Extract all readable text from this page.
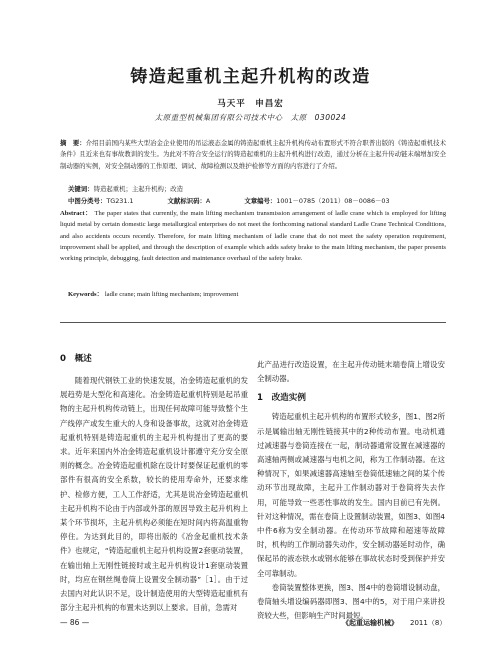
铸造起重机主起升机构的改造
马天平　申昌宏
太原重型机械集团有限公司技术中心　太原　030024
摘　要：介绍目前国内某些大型冶金企业使用的吊运液态金属的铸造起重机主起升机构传动布置形式不符合职普出版的《铸造起重机技术条件》且近来也有事故教训的发生。为此对不符合安全运行的铸造起重机的主起升机构进行改造，通过分析在主起升传动链末端增加安全制动器的实例，对安全制动器的工作原理、调试、故障检测以及维护检修等方面的内容进行了介绍。
关键词：铸造起重机；主起升机构；改造
中图分类号：TG231.1	文献标识码：A	文章编号：1001－0785（2011）08－0086－03
Abstract： The paper states that currently, the main lifting mechanism transmission arrangement of ladle crane which is employed for lifting liquid metal by certain domestic large metallurgical enterprises do not meet the forthcoming national standard Ladle Crane Technical Conditions, and also accidents occurs recently. Therefore, for main lifting mechanism of ladle crane that do not meet the safety operation requirement, improvement shall be applied, and through the description of example which adds safety brake to the main lifting mechanism, the paper presents working principle, debugging, fault detection and maintenance overhaul of the safety brake.
Keywords： ladle crane; main lifting mechanism; improvement
0　概述

随着现代钢铁工业的快速发展，冶金铸造起重机的发展趋势是大型化和高速化。冶金铸造起重机特别是起吊重物的主起升机构传动链上，出现任何故障可能导致整个生产线停产或发生重大的人身和设备事故，这就对冶金铸造起重机特别是铸造起重机的主起升机构提出了更高的要求。近年来国内外冶金铸造起重机设计都遵守充分安全原则的概念。冶金铸造起重机除在设计时要保证起重机的零部件有很高的安全系数，较长的使用寿命外，还要求维护、检修方便，工人工作舒适，尤其是说冶金铸造起重机主起升机构不论由于内部或外部的原因导致主起升机构上某个环节损坏，主起升机构必须能在短时间内将高温重物停住。为达到此目的，即将出版的《冶金起重机技术条件》也规定，“铸造起重机主起升机构设置2套驱动装置，在输出轴上无刚性链接时或主起升机构设计1套驱动装置时，均应在钢丝绳卷筒上设置安全制动器”［1］。由于过去国内对此认识不足，设计制造使用的大型铸造起重机有部分主起升机构的布置未达到以上要求。目前，急需对

此产品进行改造设置，在主起升传动链末端卷筒上增设安全制动器。

1　改造实例

铸造起重机主起升机构的布置形式较多，图1、图2所示是属输出轴无刚性链接其中的2种传动布置。电动机通过减速器与卷筒连接在一起，制动器通常设置在减速器的高速轴两侧或减速器与电机之间，称为工作制动器。在这种情况下，如果减速器高速轴至卷筒低速轴之间的某个传动环节出现故障，主起升工作制动器对于卷筒将失去作用，可能导致一些恶性事故的发生。国内目前已有先例。针对这种情况，需在卷筒上设置制动装置，如图3、如图4中件6称为安全制动器。在传动环节故障和超速等故障时，机构的工作制动器失动作，安全制动器延时动作，确保起吊的液态铁水或钢水能够在事故状态时受到保护并安全可靠制动。

卷筒装置整体更换，图3、图4中的卷筒增设制动盘，卷筒轴头增设编码器即图3、图4中的5，对于用户来讲投资较大些，但影响生产时间最短。

— 86 —	《起重运输机械》 2011（8）
